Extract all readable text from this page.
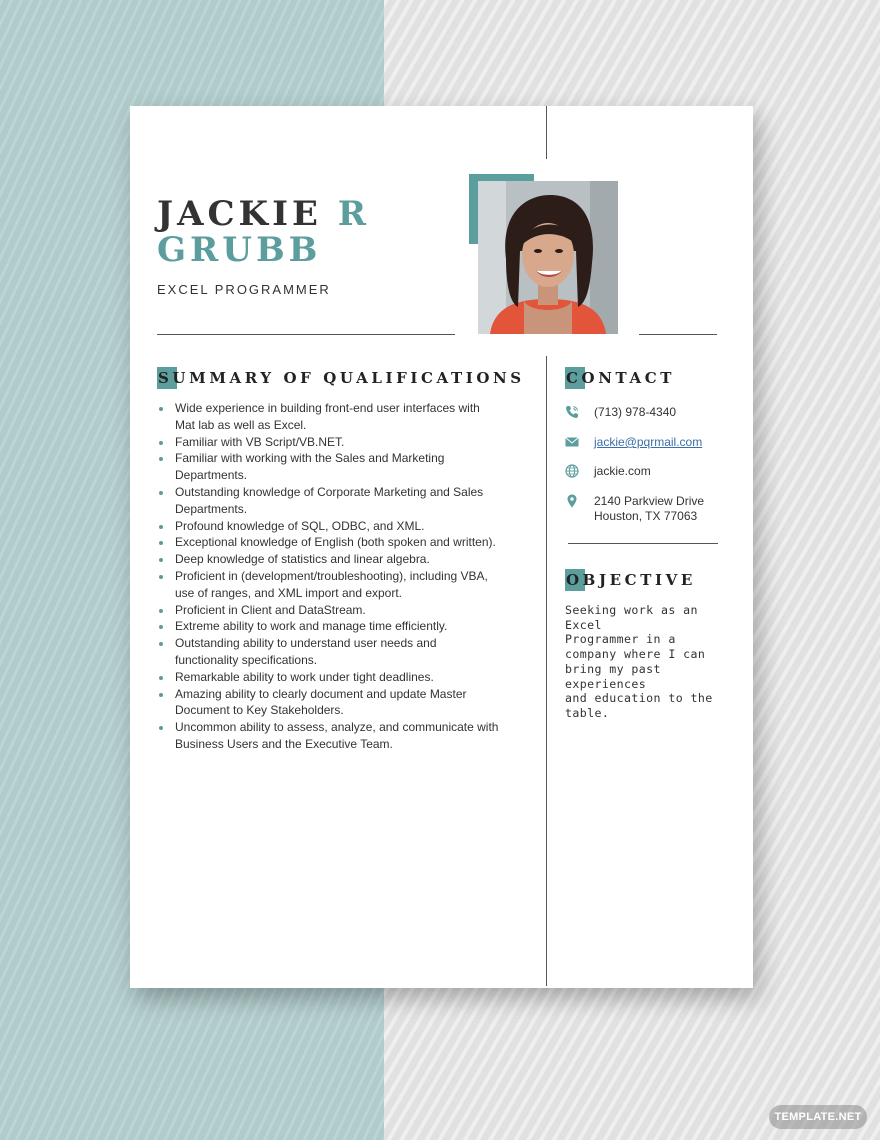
JACKIE R
GRUBB
EXCEL PROGRAMMER
SUMMARY OF QUALIFICATIONS
Wide experience in building front-end user interfaces with
Mat lab as well as Excel.
Familiar with VB Script/VB.NET.
Familiar with working with the Sales and Marketing
Departments.
Outstanding knowledge of Corporate Marketing and Sales
Departments.
Profound knowledge of SQL, ODBC, and XML.
Exceptional knowledge of English (both spoken and written).
Deep knowledge of statistics and linear algebra.
Proficient in (development/troubleshooting), including VBA,
use of ranges, and XML import and export.
Proficient in Client and DataStream.
Extreme ability to work and manage time efficiently.
Outstanding ability to understand user needs and
functionality specifications.
Remarkable ability to work under tight deadlines.
Amazing ability to clearly document and update Master
Document to Key Stakeholders.
Uncommon ability to assess, analyze, and communicate with
Business Users and the Executive Team.
CONTACT
(713) 978-4340
jackie@pqrmail.com
jackie.com
2140 Parkview Drive
Houston, TX 77063
OBJECTIVE
Seeking work as an Excel
Programmer in a
company where I can
bring my past experiences
and education to the
table.
TEMPLATE.NET
